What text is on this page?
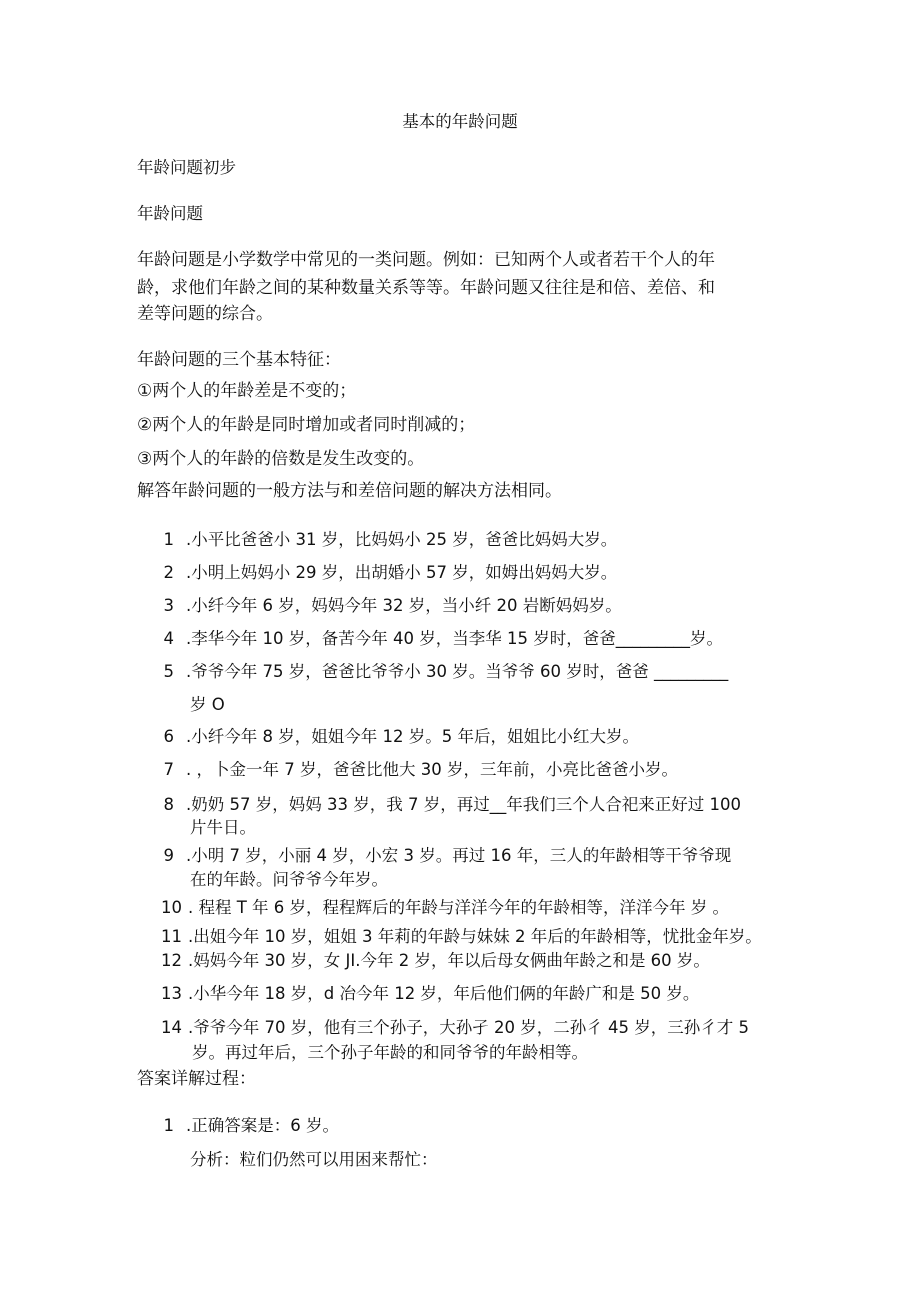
基本的年龄问题
年龄问题初步
年龄问题
年龄问题是小学数学中常见的一类问题。例如：已知两个人或者若干个人的年
龄，求他们年龄之间的某种数量关系等等。年龄问题又往往是和倍、差倍、和
差等问题的综合。
年龄问题的三个基本特征：
①两个人的年龄差是不变的；
②两个人的年龄是同时增加或者同时削减的；
③两个人的年龄的倍数是发生改变的。
解答年龄问题的一般方法与和差倍问题的解决方法相同。
1 .小平比爸爸小 31 岁，比妈妈小 25 岁，爸爸比妈妈大岁。
2 .小明上妈妈小 29 岁，出胡婚小 57 岁，如姆出妈妈大岁。
3 .小纤今年 6 岁，妈妈今年 32 岁，当小纤 20 岩断妈妈岁。
4 .李华今年 10 岁，备苦今年 40 岁，当李华 15 岁时，爸爸_________岁。
5 .爷爷今年 75 岁，爸爸比爷爷小 30 岁。当爷爷 60 岁时，爸爸 _________
岁 O
6 .小纤今年 8 岁，姐姐今年 12 岁。5 年后，姐姐比小红大岁。
7 . ，卜金一年 7 岁，爸爸比他大 30 岁，三年前，小亮比爸爸小岁。
8 .奶奶 57 岁，妈妈 33 岁，我 7 岁，再过__年我们三个人合祀来正好过 100
片牛日。
9 .小明 7 岁，小丽 4 岁，小宏 3 岁。再过 16 年，三人的年龄相等干爷爷现
在的年龄。问爷爷今年岁。
10 . 程程 T 年 6 岁，程程辉后的年龄与洋洋今年的年龄相等，洋洋今年 岁 。
11 .出姐今年 10 岁，姐姐 3 年莉的年龄与妹妹 2 年后的年龄相等，忧批金年岁。
12 .妈妈今年 30 岁，女 JI.今年 2 岁，年以后母女俩曲年龄之和是 60 岁。
13 .小华今年 18 岁，d 冶今年 12 岁，年后他们俩的年龄广和是 50 岁。
14 .爷爷今年 70 岁，他有三个孙子，大孙孑 20 岁，二孙彳 45 岁，三孙彳才 5
岁。再过年后，三个孙子年龄的和同爷爷的年龄相等。
答案详解过程：
1 .正确答案是：6 岁。
分析：粒们仍然可以用困来帮忙：
